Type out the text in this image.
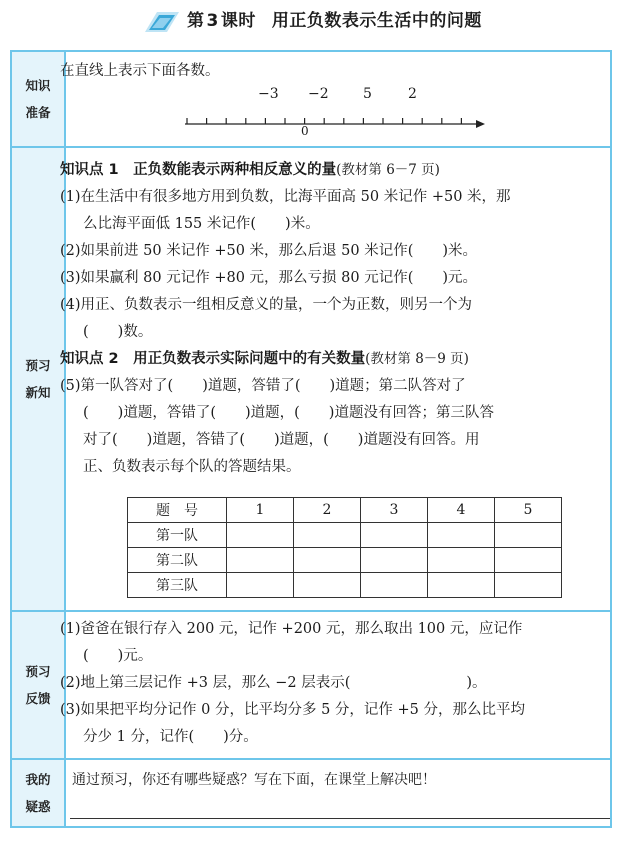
第 3 课时 用正负数表示生活中的问题
知识
准备
预习
新知
预习
反馈
我的
疑惑
在直线上表示下面各数。
−3 −2 5	2
0
知识点 1　正负数能表示两种相反意义的量(教材第 6－7 页)
(1)在生活中有很多地方用到负数，比海平面高 50 米记作 +50 米，那
么比海平面低 155 米记作(　　)米。
(2)如果前进 50 米记作 +50 米，那么后退 50 米记作(　　)米。
(3)如果赢利 80 元记作 +80 元，那么亏损 80 元记作(　　)元。
(4)用正、负数表示一组相反意义的量，一个为正数，则另一个为
(　　)数。
知识点 2　用正负数表示实际问题中的有关数量(教材第 8－9 页)
(5)第一队答对了(　　)道题，答错了(　　)道题；第二队答对了
(　　)道题，答错了(　　)道题，(　　)道题没有回答；第三队答
对了(　　)道题，答错了(　　)道题，(　　)道题没有回答。用
正、负数表示每个队的答题结果。
题　号	1	2	3	4	5
第一队					
第二队					
第三队					
(1)爸爸在银行存入 200 元，记作 +200 元，那么取出 100 元，应记作
(　　)元。
(2)地上第三层记作 +3 层，那么 −2 层表示(　　　　　　　　)。
(3)如果把平均分记作 0 分，比平均分多 5 分，记作 +5 分，那么比平均
分少 1 分，记作(　　)分。
通过预习，你还有哪些疑惑？写在下面，在课堂上解决吧！
